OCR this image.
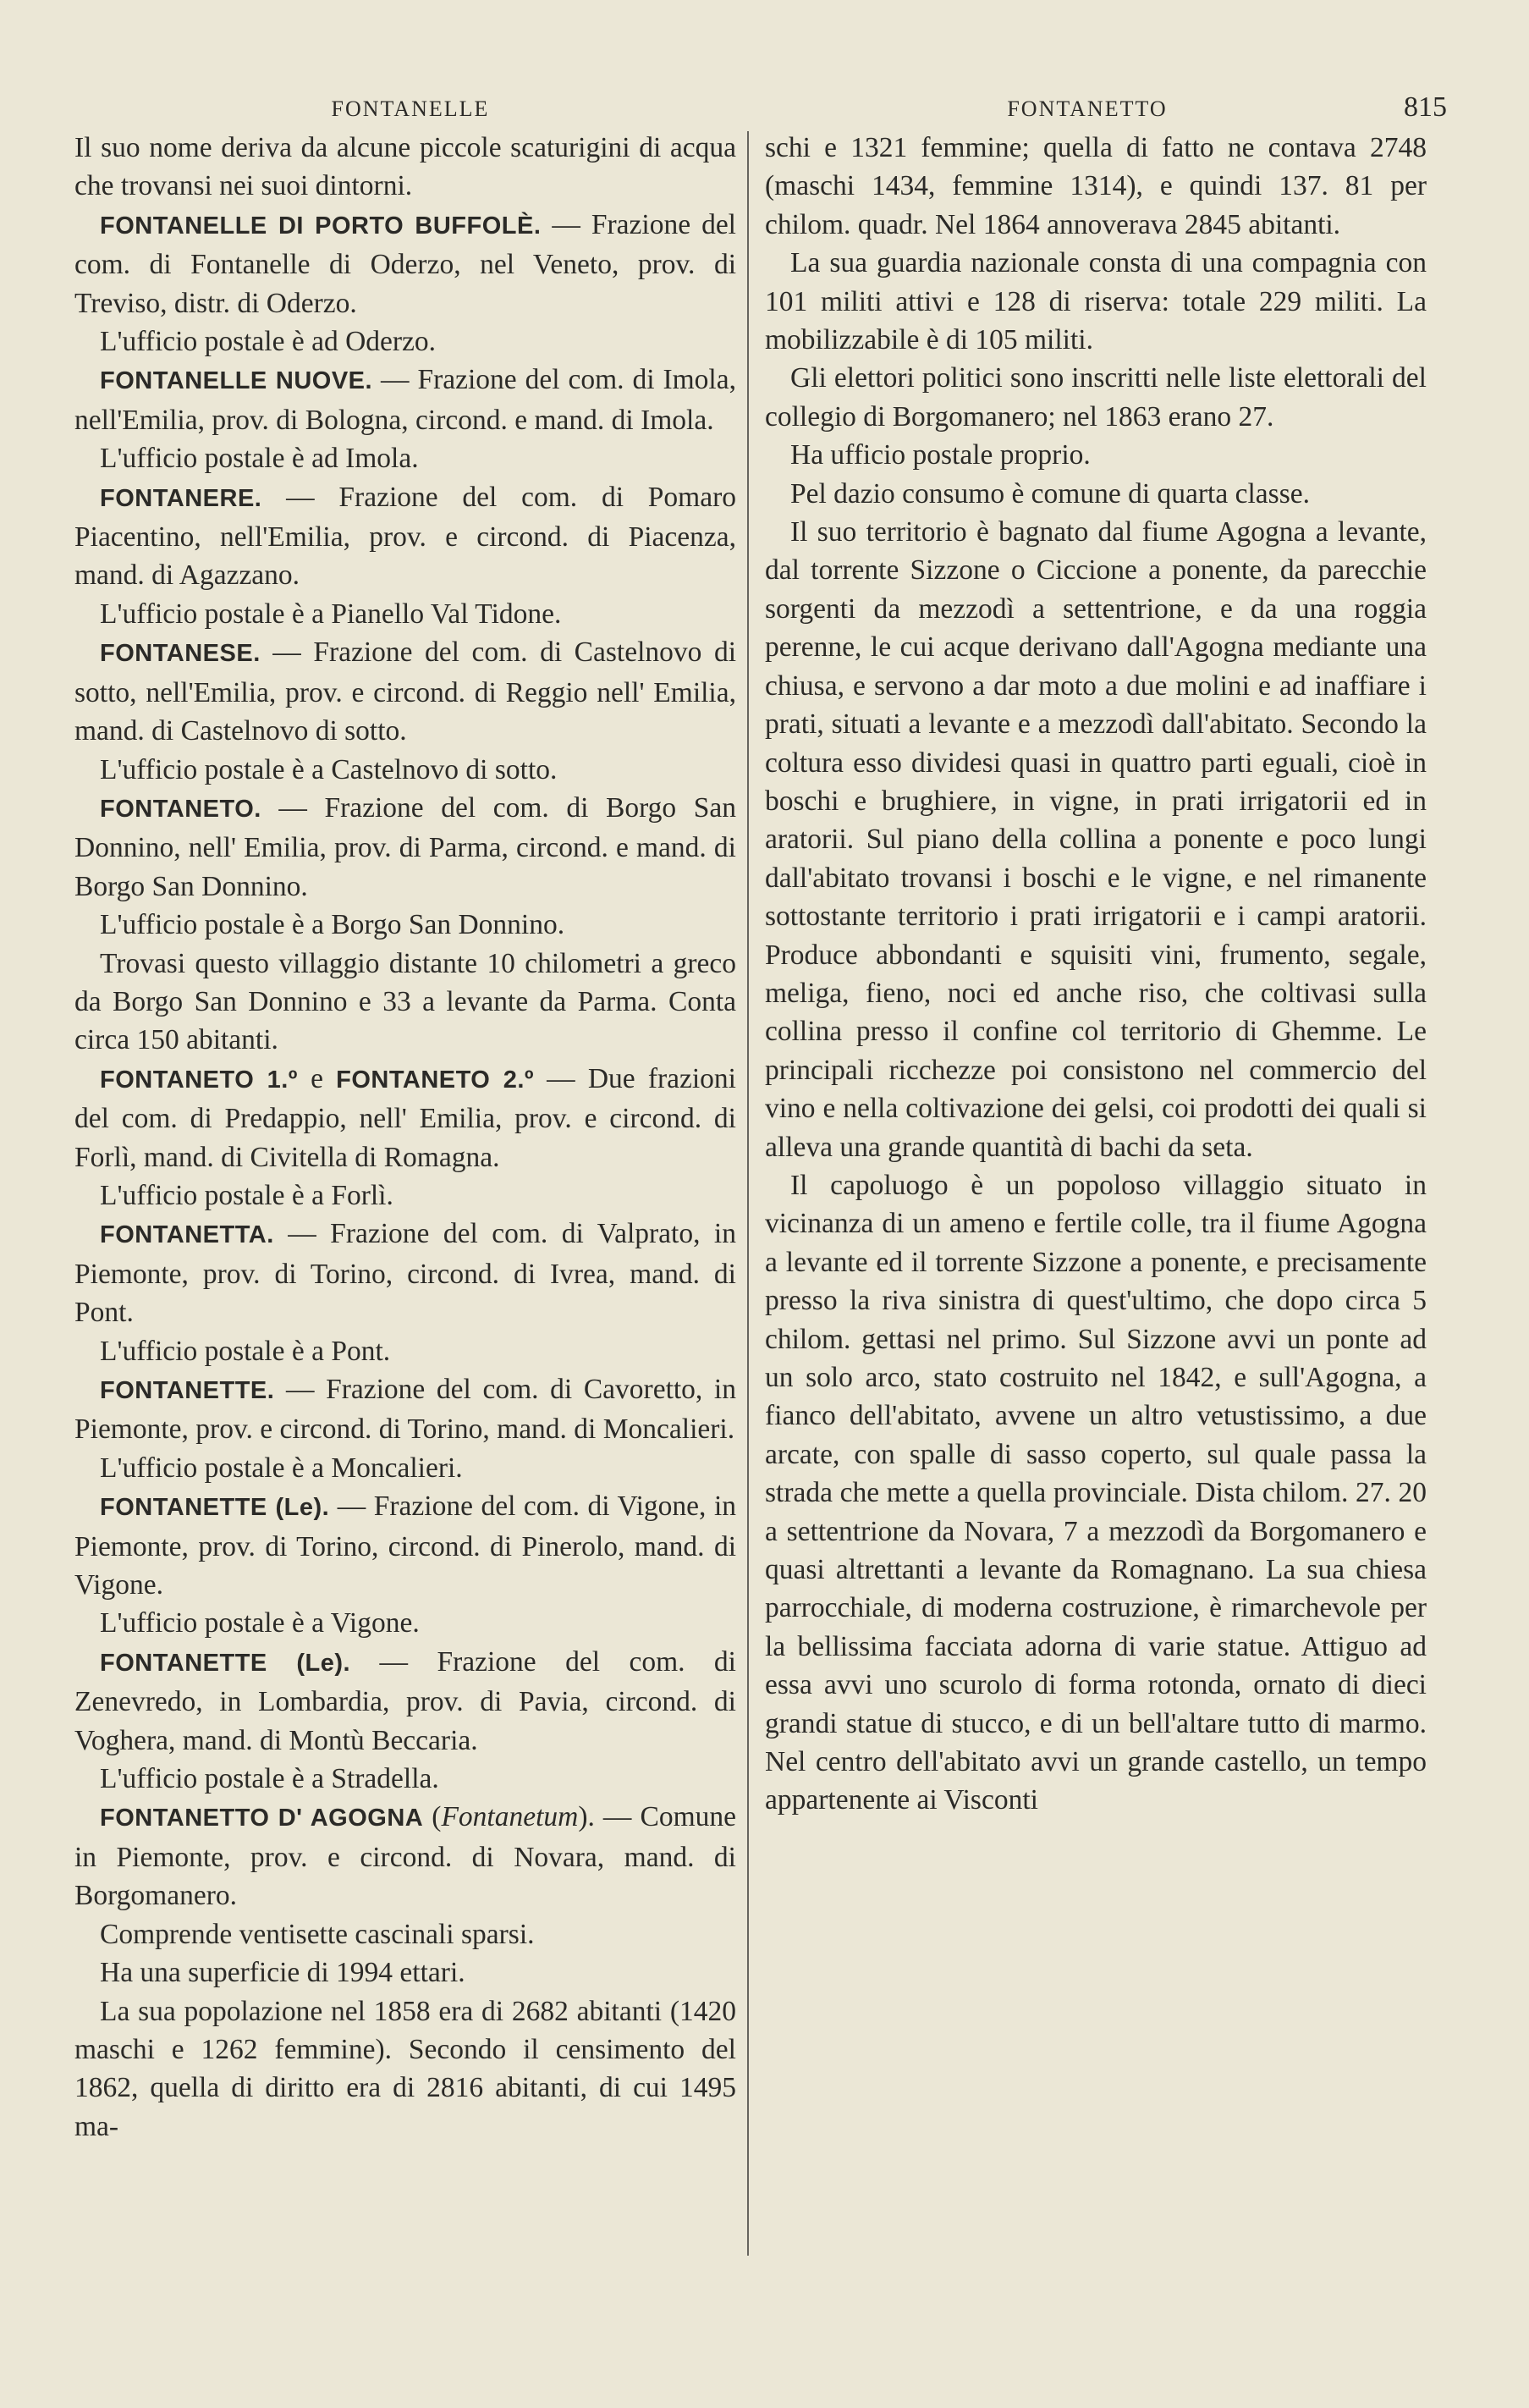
FONTANELLE	FONTANETTO	815

Il suo nome deriva da alcune piccole scaturigini di acqua che trovansi nei suoi dintorni.

FONTANELLE DI PORTO BUFFOLÈ. — Frazione del com. di Fontanelle di Oderzo, nel Veneto, prov. di Treviso, distr. di Oderzo.

L'ufficio postale è ad Oderzo.

FONTANELLE NUOVE. — Frazione del com. di Imola, nell'Emilia, prov. di Bologna, circond. e mand. di Imola.

L'ufficio postale è ad Imola.

FONTANERE. — Frazione del com. di Pomaro Piacentino, nell'Emilia, prov. e circond. di Piacenza, mand. di Agazzano.

L'ufficio postale è a Pianello Val Tidone.

FONTANESE. — Frazione del com. di Castelnovo di sotto, nell'Emilia, prov. e circond. di Reggio nell' Emilia, mand. di Castelnovo di sotto.

L'ufficio postale è a Castelnovo di sotto.

FONTANETO. — Frazione del com. di Borgo San Donnino, nell' Emilia, prov. di Parma, circond. e mand. di Borgo San Donnino.

L'ufficio postale è a Borgo San Donnino.

Trovasi questo villaggio distante 10 chilometri a greco da Borgo San Donnino e 33 a levante da Parma. Conta circa 150 abitanti.

FONTANETO 1.º e FONTANETO 2.º — Due frazioni del com. di Predappio, nell' Emilia, prov. e circond. di Forlì, mand. di Civitella di Romagna.

L'ufficio postale è a Forlì.

FONTANETTA. — Frazione del com. di Valprato, in Piemonte, prov. di Torino, circond. di Ivrea, mand. di Pont.

L'ufficio postale è a Pont.

FONTANETTE. — Frazione del com. di Cavoretto, in Piemonte, prov. e circond. di Torino, mand. di Moncalieri.

L'ufficio postale è a Moncalieri.

FONTANETTE (Le). — Frazione del com. di Vigone, in Piemonte, prov. di Torino, circond. di Pinerolo, mand. di Vigone.

L'ufficio postale è a Vigone.

FONTANETTE (Le). — Frazione del com. di Zenevredo, in Lombardia, prov. di Pavia, circond. di Voghera, mand. di Montù Beccaria.

L'ufficio postale è a Stradella.

FONTANETTO D' AGOGNA (Fontanetum). — Comune in Piemonte, prov. e circond. di Novara, mand. di Borgomanero.

Comprende ventisette cascinali sparsi.

Ha una superficie di 1994 ettari.

La sua popolazione nel 1858 era di 2682 abitanti (1420 maschi e 1262 femmine). Secondo il censimento del 1862, quella di diritto era di 2816 abitanti, di cui 1495 ma-

schi e 1321 femmine; quella di fatto ne contava 2748 (maschi 1434, femmine 1314), e quindi 137. 81 per chilom. quadr. Nel 1864 annoverava 2845 abitanti.

La sua guardia nazionale consta di una compagnia con 101 militi attivi e 128 di riserva: totale 229 militi. La mobilizzabile è di 105 militi.

Gli elettori politici sono inscritti nelle liste elettorali del collegio di Borgomanero; nel 1863 erano 27.

Ha ufficio postale proprio.

Pel dazio consumo è comune di quarta classe.

Il suo territorio è bagnato dal fiume Agogna a levante, dal torrente Sizzone o Ciccione a ponente, da parecchie sorgenti da mezzodì a settentrione, e da una roggia perenne, le cui acque derivano dall'Agogna mediante una chiusa, e servono a dar moto a due molini e ad inaffiare i prati, situati a levante e a mezzodì dall'abitato. Secondo la coltura esso dividesi quasi in quattro parti eguali, cioè in boschi e brughiere, in vigne, in prati irrigatorii ed in aratorii. Sul piano della collina a ponente e poco lungi dall'abitato trovansi i boschi e le vigne, e nel rimanente sottostante territorio i prati irrigatorii e i campi aratorii. Produce abbondanti e squisiti vini, frumento, segale, meliga, fieno, noci ed anche riso, che coltivasi sulla collina presso il confine col territorio di Ghemme. Le principali ricchezze poi consistono nel commercio del vino e nella coltivazione dei gelsi, coi prodotti dei quali si alleva una grande quantità di bachi da seta.

Il capoluogo è un popoloso villaggio situato in vicinanza di un ameno e fertile colle, tra il fiume Agogna a levante ed il torrente Sizzone a ponente, e precisamente presso la riva sinistra di quest'ultimo, che dopo circa 5 chilom. gettasi nel primo. Sul Sizzone avvi un ponte ad un solo arco, stato costruito nel 1842, e sull'Agogna, a fianco dell'abitato, avvene un altro vetustissimo, a due arcate, con spalle di sasso coperto, sul quale passa la strada che mette a quella provinciale. Dista chilom. 27. 20 a settentrione da Novara, 7 a mezzodì da Borgomanero e quasi altrettanti a levante da Romagnano. La sua chiesa parrocchiale, di moderna costruzione, è rimarchevole per la bellissima facciata adorna di varie statue. Attiguo ad essa avvi uno scurolo di forma rotonda, ornato di dieci grandi statue di stucco, e di un bell'altare tutto di marmo. Nel centro dell'abitato avvi un grande castello, un tempo appartenente ai Visconti
